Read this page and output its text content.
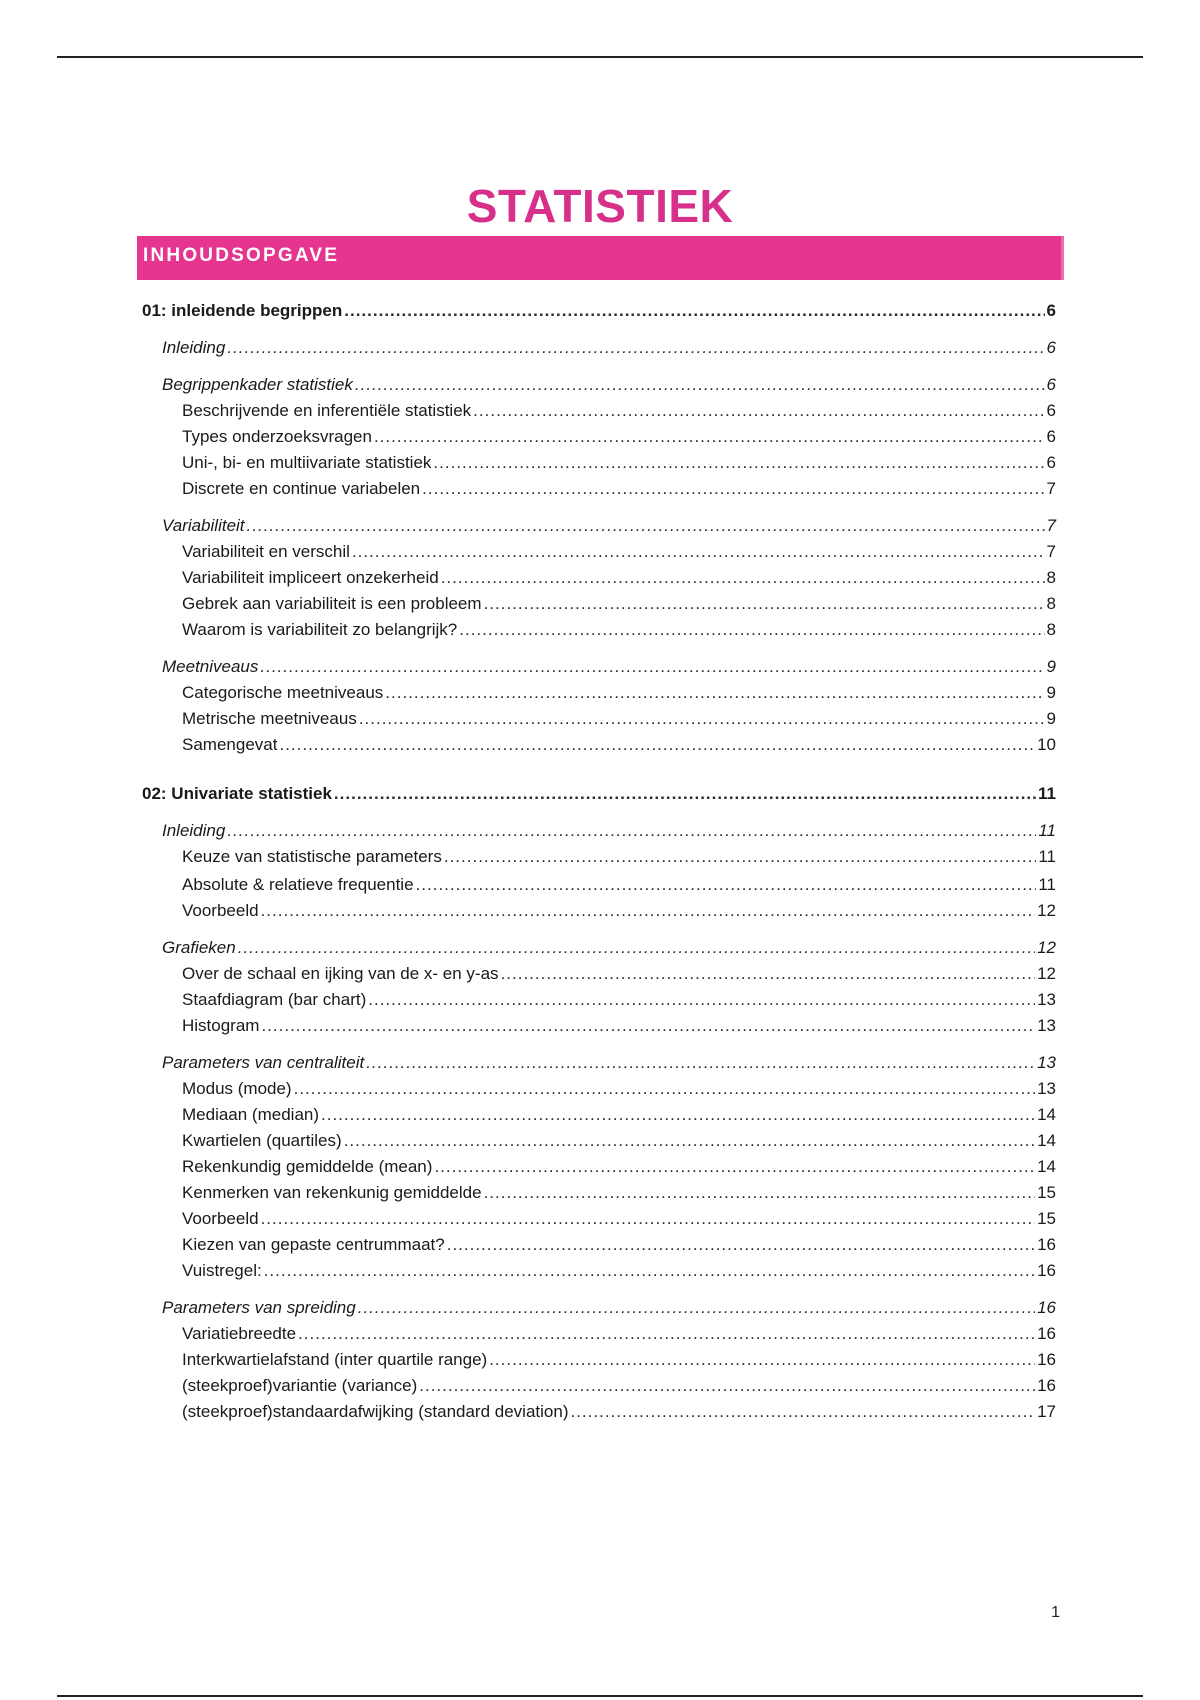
STATISTIEK
INHOUDSOPGAVE
01: inleidende begrippen .....	6
Inleiding .....	6
Begrippenkader statistiek .....	6
Beschrijvende en inferentiële statistiek .....	6
Types onderzoeksvragen .....	6
Uni-, bi- en multiivariate statistiek .....	6
Discrete en continue variabelen .....	7
Variabiliteit .....	7
Variabiliteit en verschil .....	7
Variabiliteit impliceert onzekerheid .....	8
Gebrek aan variabiliteit is een probleem .....	8
Waarom is variabiliteit zo belangrijk? .....	8
Meetniveaus .....	9
Categorische meetniveaus .....	9
Metrische meetniveaus .....	9
Samengevat .....	10
02: Univariate statistiek .....	11
Inleiding .....	11
Keuze van statistische parameters .....	11
Absolute & relatieve frequentie .....	11
Voorbeeld .....	12
Grafieken .....	12
Over de schaal en ijking van de x- en y-as .....	12
Staafdiagram (bar chart) .....	13
Histogram .....	13
Parameters van centraliteit .....	13
Modus (mode) .....	13
Mediaan (median) .....	14
Kwartielen (quartiles) .....	14
Rekenkundig gemiddelde (mean) .....	14
Kenmerken van rekenkunig gemiddelde .....	15
Voorbeeld .....	15
Kiezen van gepaste centrummaat? .....	16
Vuistregel: .....	16
Parameters van spreiding .....	16
Variatiebreedte .....	16
Interkwartielafstand (inter quartile range) .....	16
(steekproef)variantie (variance) .....	16
(steekproef)standaardafwijking (standard deviation) .....	17
1
